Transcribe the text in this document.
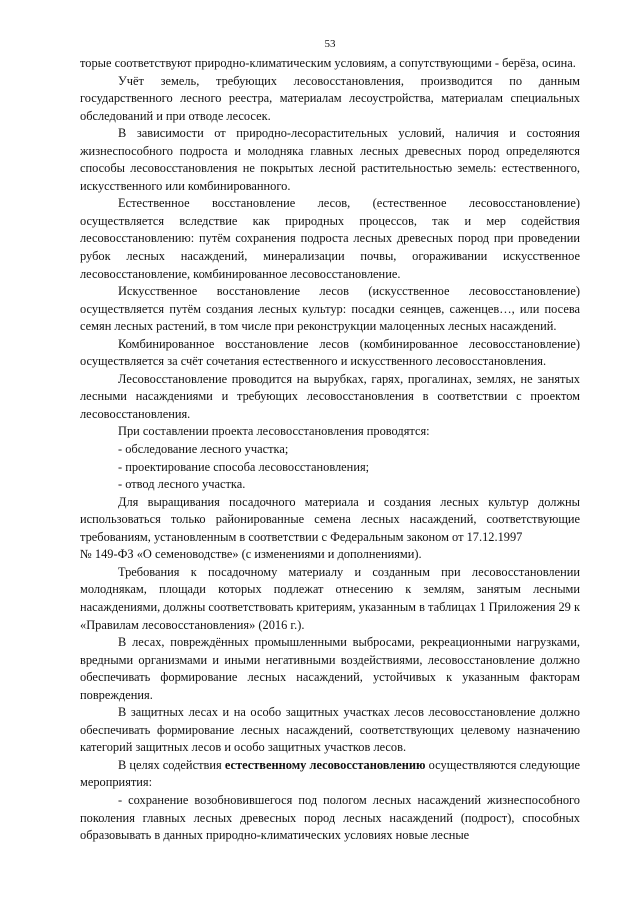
53

торые соответствуют природно-климатическим условиям, а сопутствующими - берёза, осина.

Учёт земель, требующих лесовосстановления, производится по данным государственного лесного реестра, материалам лесоустройства, материалам специальных обследований и при отводе лесосек.

В зависимости от природно-лесорастительных условий, наличия и состояния жизнеспособного подроста и молодняка главных лесных древесных пород определяются способы лесовосстановления не покрытых лесной растительностью земель: естественного, искусственного или комбинированного.

Естественное восстановление лесов, (естественное лесовосстановление) осуществляется вследствие как природных процессов, так и мер содействия лесовосстановлению: путём сохранения подроста лесных древесных пород при проведении рубок лесных насаждений, минерализации почвы, огораживании искусственное лесовосстановление, комбинированное лесовосстановление.

Искусственное восстановление лесов (искусственное лесовосстановление) осуществляется путём создания лесных культур: посадки сеянцев, саженцев…, или посева семян лесных растений, в том числе при реконструкции малоценных лесных насаждений.

Комбинированное восстановление лесов (комбинированное лесовосстановление) осуществляется за счёт сочетания естественного и искусственного лесовосстановления.

Лесовосстановление проводится на вырубках, гарях, прогалинах, землях, не занятых лесными насаждениями и требующих лесовосстановления в соответствии с проектом лесовосстановления.

При составлении проекта лесовосстановления проводятся:

- обследование лесного участка;

- проектирование способа лесовосстановления;

- отвод лесного участка.

Для выращивания посадочного материала и создания лесных культур должны использоваться только районированные семена лесных насаждений, соответствующие требованиям, установленным в соответствии с Федеральным законом от 17.12.1997

№ 149-ФЗ «О семеноводстве» (с изменениями и дополнениями).

Требования к посадочному материалу и созданным при лесовосстановлении молоднякам, площади которых подлежат отнесению к землям, занятым лесными насаждениями, должны соответствовать критериям, указанным в таблицах 1 Приложения 29 к «Правилам лесовосстановления» (2016 г.).

В лесах, повреждённых промышленными выбросами, рекреационными нагрузками, вредными организмами и иными негативными воздействиями, лесовосстановление должно обеспечивать формирование лесных насаждений, устойчивых к указанным факторам повреждения.

В защитных лесах и на особо защитных участках лесов лесовосстановление должно обеспечивать формирование лесных насаждений, соответствующих целевому назначению категорий защитных лесов и особо защитных участков лесов.

В целях содействия естественному лесовосстановлению осуществляются следующие мероприятия:

- сохранение возобновившегося под пологом лесных насаждений жизнеспособного поколения главных лесных древесных пород лесных насаждений (подрост), способных образовывать в данных природно-климатических условиях новые лесные
